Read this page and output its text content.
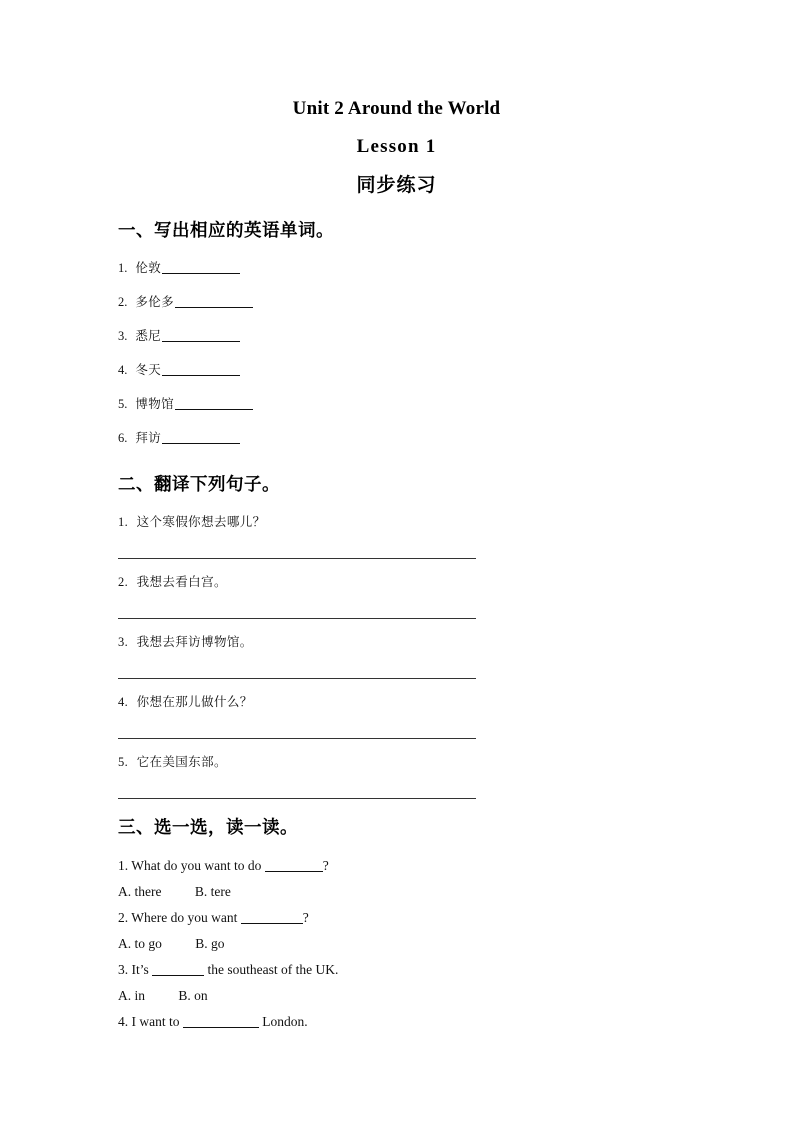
Unit 2 Around the World
Lesson 1
同步练习
一、写出相应的英语单词。
1. 伦敦
2. 多伦多
3. 悉尼
4. 冬天
5. 博物馆
6. 拜访
二、翻译下列句子。
1. 这个寒假你想去哪儿？
2. 我想去看白宫。
3. 我想去拜访博物馆。
4. 你想在那儿做什么？
5. 它在美国东部。
三、选一选，读一读。
1. What do you want to do	?
A. there B. tere
2. Where do you want	?
A. to go B. go
3. It’s	the southeast of the UK.
A. in B. on
4. I want to	London.
